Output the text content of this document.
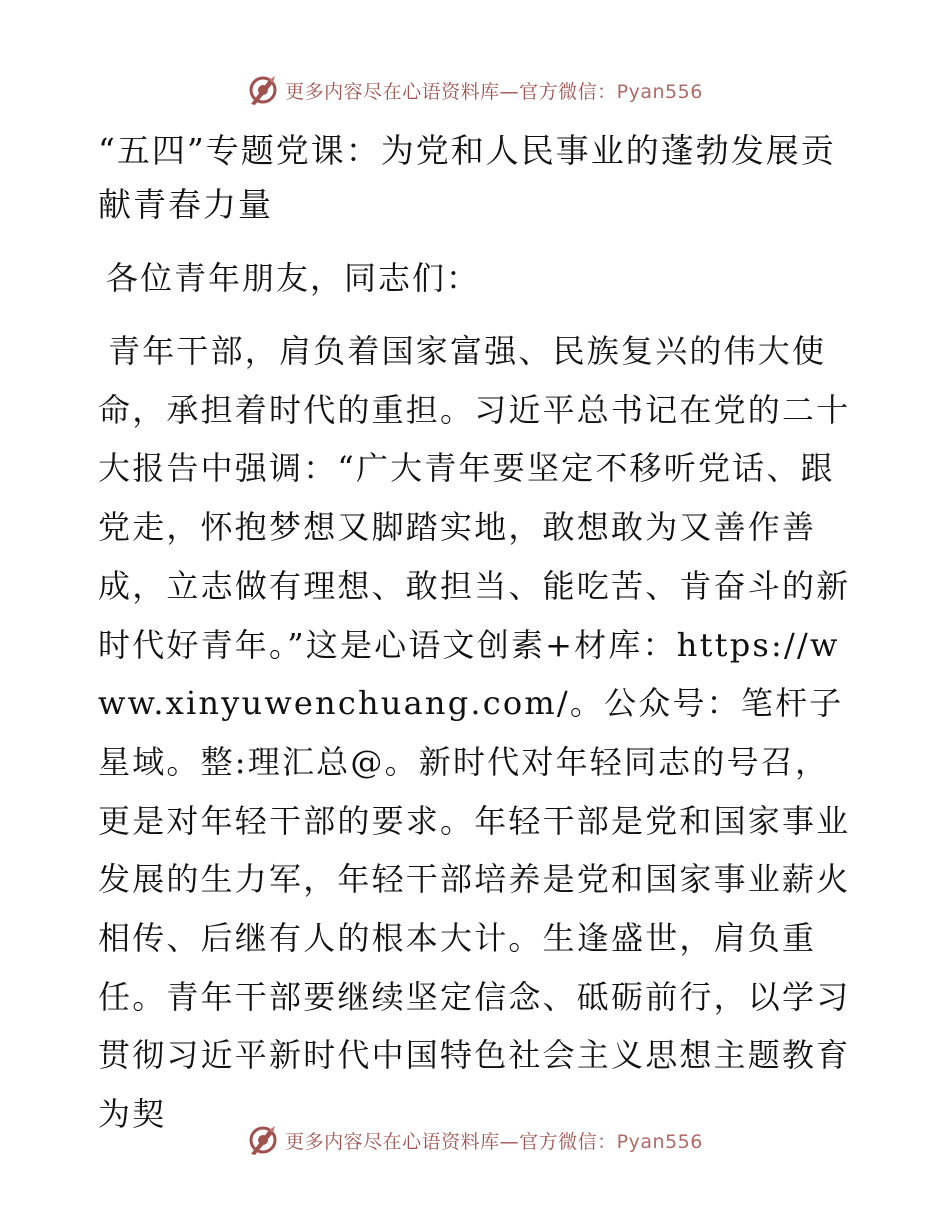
更多内容尽在心语资料库—官方微信：Pyan556
“五四”专题党课：为党和人民事业的蓬勃发展贡献青春力量

各位青年朋友，同志们：

青年干部，肩负着国家富强、民族复兴的伟大使命，承担着时代的重担。习近平总书记在党的二十大报告中强调：“广大青年要坚定不移听党话、跟党走，怀抱梦想又脚踏实地，敢想敢为又善作善成，立志做有理想、敢担当、能吃苦、肯奋斗的新时代好青年。”这是心语文创素+材库：https://www.xinyuwenchuang.com/。公众号：笔杆子星域。整:理汇总@。新时代对年轻同志的号召，更是对年轻干部的要求。年轻干部是党和国家事业发展的生力军，年轻干部培养是党和国家事业薪火相传、后继有人的根本大计。生逢盛世，肩负重任。青年干部要继续坚定信念、砥砺前行，以学习贯彻习近平新时代中国特色社会主义思想主题教育为契

更多内容尽在心语资料库—官方微信：Pyan556
